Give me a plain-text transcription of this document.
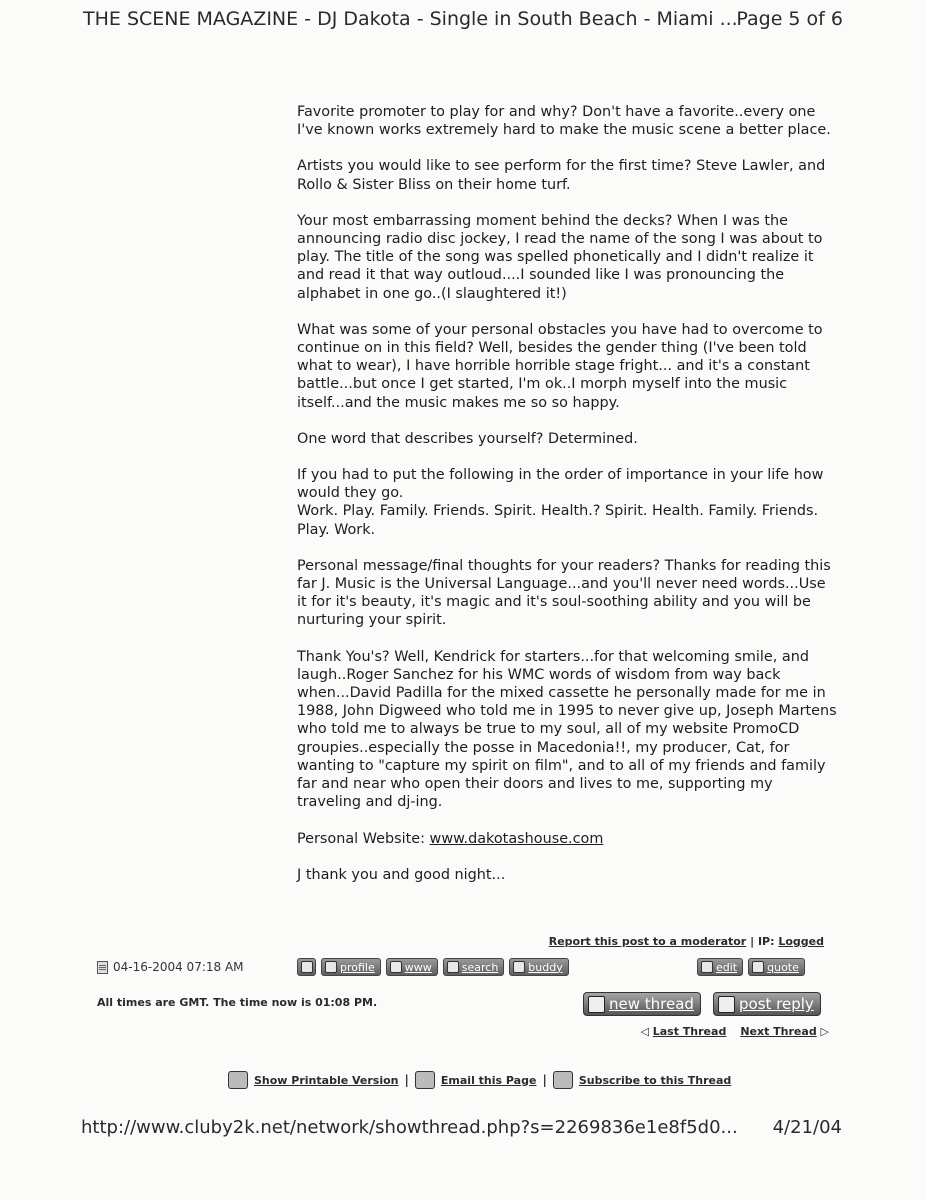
THE SCENE MAGAZINE - DJ Dakota - Single in South Beach - Miami ...
Page 5 of 6

Favorite promoter to play for and why? Don't have a favorite..every one I've known works extremely hard to make the music scene a better place.

Artists you would like to see perform for the first time? Steve Lawler, and Rollo & Sister Bliss on their home turf.

Your most embarrassing moment behind the decks? When I was the announcing radio disc jockey, I read the name of the song I was about to play. The title of the song was spelled phonetically and I didn't realize it and read it that way outloud....I sounded like I was pronouncing the alphabet in one go..(I slaughtered it!)

What was some of your personal obstacles you have had to overcome to continue on in this field? Well, besides the gender thing (I've been told what to wear), I have horrible horrible stage fright... and it's a constant battle...but once I get started, I'm ok..I morph myself into the music itself...and the music makes me so so happy.

One word that describes yourself? Determined.

If you had to put the following in the order of importance in your life how would they go.
Work. Play. Family. Friends. Spirit. Health.? Spirit. Health. Family. Friends. Play. Work.

Personal message/final thoughts for your readers? Thanks for reading this far J. Music is the Universal Language...and you'll never need words...Use it for it's beauty, it's magic and it's soul-soothing ability and you will be nurturing your spirit.

Thank You's? Well, Kendrick for starters...for that welcoming smile, and laugh..Roger Sanchez for his WMC words of wisdom from way back when...David Padilla for the mixed cassette he personally made for me in 1988, John Digweed who told me in 1995 to never give up, Joseph Martens who told me to always be true to my soul, all of my website PromoCD groupies..especially the posse in Macedonia!!, my producer, Cat, for wanting to "capture my spirit on film", and to all of my friends and family far and near who open their doors and lives to me, supporting my traveling and dj-ing.

Personal Website: www.dakotashouse.com

J thank you and good night...

Report this post to a moderator | IP: Logged
04-16-2004 07:18 AM	profile	www	search	buddy	edit	quote
All times are GMT. The time now is 01:08 PM.	new thread	post reply
◁ Last Thread Next Thread ▷
Show Printable Version |	Email this Page |	Subscribe to this Thread
http://www.cluby2k.net/network/showthread.php?s=2269836e1e8f5d0... 4/21/04
